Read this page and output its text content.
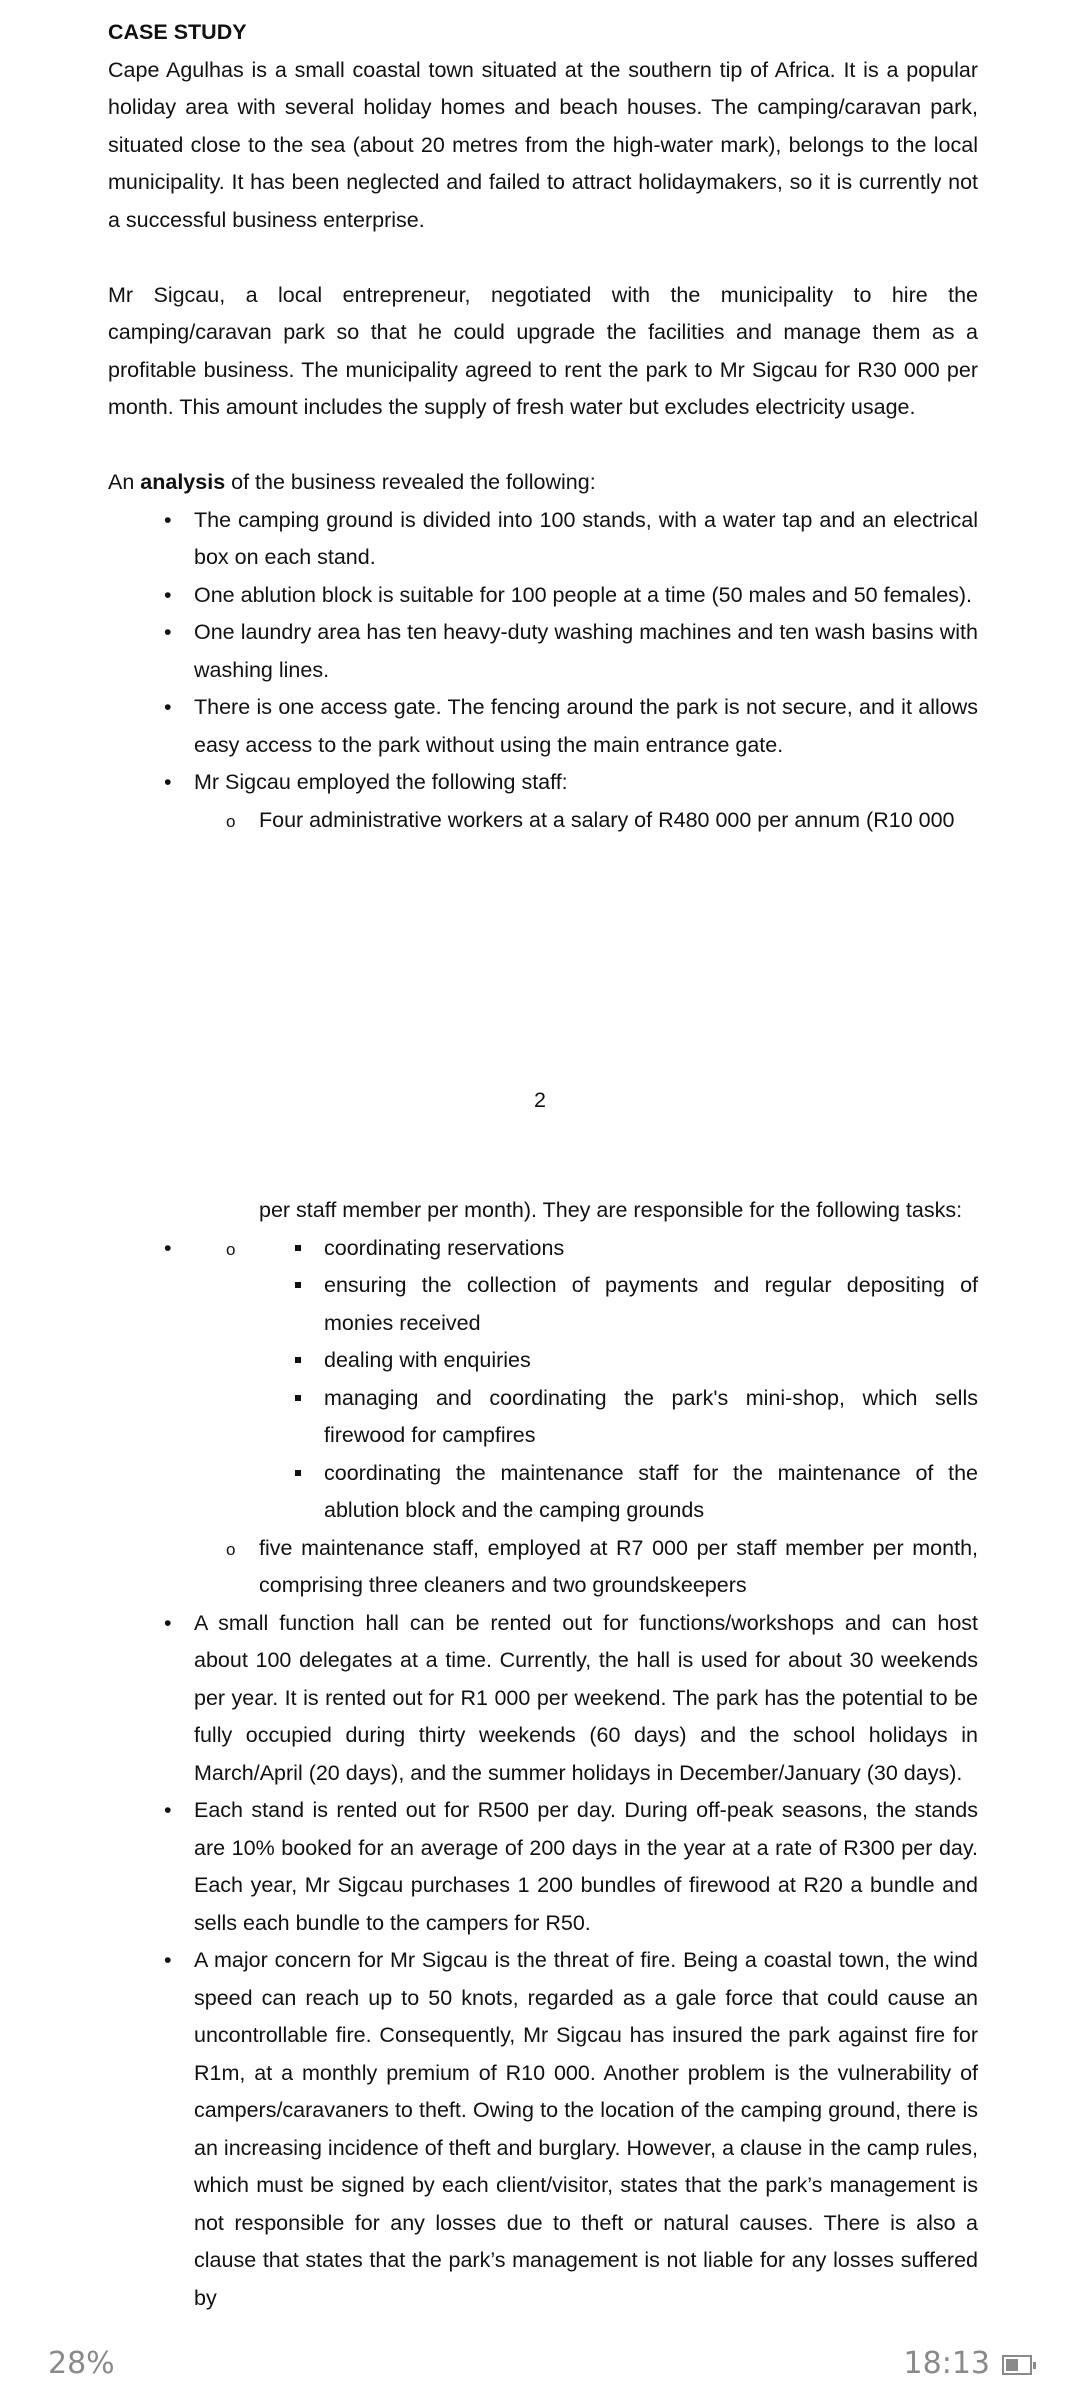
CASE STUDY

Cape Agulhas is a small coastal town situated at the southern tip of Africa. It is a popular holiday area with several holiday homes and beach houses. The camping/caravan park, situated close to the sea (about 20 metres from the high-water mark), belongs to the local municipality. It has been neglected and failed to attract holidaymakers, so it is currently not a successful business enterprise.

Mr Sigcau, a local entrepreneur, negotiated with the municipality to hire the camping/caravan park so that he could upgrade the facilities and manage them as a profitable business. The municipality agreed to rent the park to Mr Sigcau for R30 000 per month. This amount includes the supply of fresh water but excludes electricity usage.

An analysis of the business revealed the following:

• The camping ground is divided into 100 stands, with a water tap and an electrical box on each stand.
• One ablution block is suitable for 100 people at a time (50 males and 50 females).
• One laundry area has ten heavy-duty washing machines and ten wash basins with washing lines.
• There is one access gate. The fencing around the park is not secure, and it allows easy access to the park without using the main entrance gate.
• Mr Sigcau employed the following staff:
o Four administrative workers at a salary of R480 000 per annum (R10 000
2
per staff member per month). They are responsible for the following tasks:
o • coordinating reservations
ensuring the collection of payments and regular depositing of monies received
dealing with enquiries
managing and coordinating the park's mini-shop, which sells firewood for campfires
coordinating the maintenance staff for the maintenance of the ablution block and the camping grounds
o five maintenance staff, employed at R7 000 per staff member per month, comprising three cleaners and two groundskeepers
• A small function hall can be rented out for functions/workshops and can host about 100 delegates at a time. Currently, the hall is used for about 30 weekends per year. It is rented out for R1 000 per weekend. The park has the potential to be fully occupied during thirty weekends (60 days) and the school holidays in March/April (20 days), and the summer holidays in December/January (30 days).
• Each stand is rented out for R500 per day. During off-peak seasons, the stands are 10% booked for an average of 200 days in the year at a rate of R300 per day. Each year, Mr Sigcau purchases 1 200 bundles of firewood at R20 a bundle and sells each bundle to the campers for R50.
• A major concern for Mr Sigcau is the threat of fire. Being a coastal town, the wind speed can reach up to 50 knots, regarded as a gale force that could cause an uncontrollable fire. Consequently, Mr Sigcau has insured the park against fire for R1m, at a monthly premium of R10 000. Another problem is the vulnerability of campers/caravaners to theft. Owing to the location of the camping ground, there is an increasing incidence of theft and burglary. However, a clause in the camp rules, which must be signed by each client/visitor, states that the park’s management is not responsible for any losses due to theft or natural causes. There is also a clause that states that the park’s management is not liable for any losses suffered by
28%	18:13
